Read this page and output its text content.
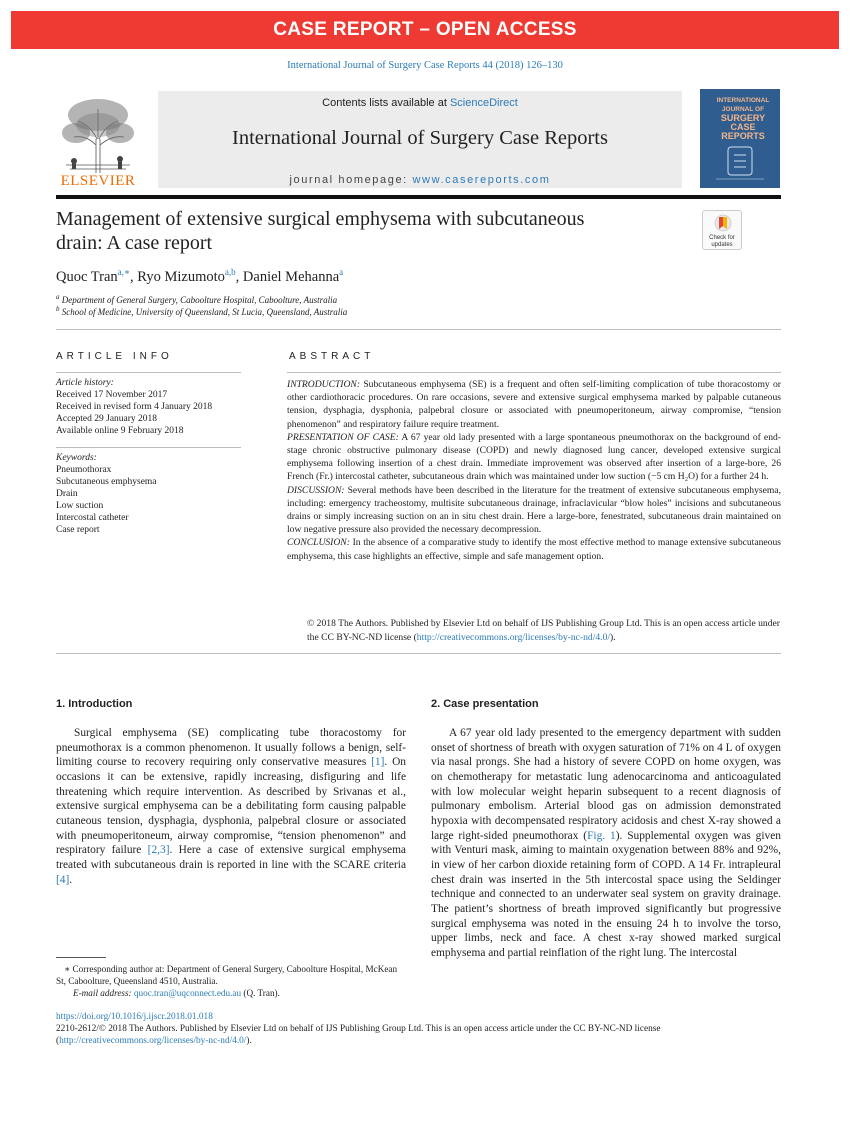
CASE REPORT – OPEN ACCESS
International Journal of Surgery Case Reports 44 (2018) 126–130
ELSEVIER
Contents lists available at ScienceDirect
International Journal of Surgery Case Reports
journal homepage: www.casereports.com
INTERNATIONAL
JOURNAL OF
SURGERY
CASE
REPORTS
Management of extensive surgical emphysema with subcutaneous
drain: A case report	Check for
updates
Quoc Tran$^{a,∗}$, Ryo Mizumoto$^{a,b}$, Daniel Mehanna$^a$
$^a$ Department of General Surgery, Caboolture Hospital, Caboolture, Australia
$^b$ School of Medicine, University of Queensland, St Lucia, Queensland, Australia
ARTICLE INFO
Article history:
Received 17 November 2017
Received in revised form 4 January 2018
Accepted 29 January 2018
Available online 9 February 2018
Keywords:
Pneumothorax
Subcutaneous emphysema
Drain
Low suction
Intercostal catheter
Case report
ABSTRACT

INTRODUCTION: Subcutaneous emphysema (SE) is a frequent and often self-limiting complication of tube thoracostomy or other cardiothoracic procedures. On rare occasions, severe and extensive surgical emphysema marked by palpable cutaneous tension, dysphagia, dysphonia, palpebral closure or associated with pneumoperitoneum, airway compromise, “tension phenomenon” and respiratory failure require treatment.

PRESENTATION OF CASE: A 67 year old lady presented with a large spontaneous pneumothorax on the background of end-stage chronic obstructive pulmonary disease (COPD) and newly diagnosed lung cancer, developed extensive surgical emphysema following insertion of a chest drain. Immediate improvement was observed after insertion of a large-bore, 26 French (Fr.) intercostal catheter, subcutaneous drain which was maintained under low suction (−5 cm H₂O) for a further 24 h.

DISCUSSION: Several methods have been described in the literature for the treatment of extensive subcutaneous emphysema, including: emergency tracheostomy, multisite subcutaneous drainage, infraclavicular “blow holes” incisions and subcutaneous drains or simply increasing suction on an in situ chest drain. Here a large-bore, fenestrated, subcutaneous drain maintained on low negative pressure also provided the necessary decompression.

CONCLUSION: In the absence of a comparative study to identify the most effective method to manage extensive subcutaneous emphysema, this case highlights an effective, simple and safe management option.

© 2018 The Authors. Published by Elsevier Ltd on behalf of IJS Publishing Group Ltd. This is an open access article under the CC BY-NC-ND license (http://creativecommons.org/licenses/by-nc-nd/4.0/).
1. Introduction
Surgical emphysema (SE) complicating tube thoracostomy for pneumothorax is a common phenomenon. It usually follows a benign, self-limiting course to recovery requiring only conservative measures [1]. On occasions it can be extensive, rapidly increasing, disfiguring and life threatening which require intervention. As described by Srivanas et al., extensive surgical emphysema can be a debilitating form causing palpable cutaneous tension, dysphagia, dysphonia, palpebral closure or associated with pneumoperitoneum, airway compromise, “tension phenomenon” and respiratory failure [2,3]. Here a case of extensive surgical emphysema treated with subcutaneous drain is reported in line with the SCARE criteria [4].
2. Case presentation
A 67 year old lady presented to the emergency department with sudden onset of shortness of breath with oxygen saturation of 71% on 4 L of oxygen via nasal prongs. She had a history of severe COPD on home oxygen, was on chemotherapy for metastatic lung adenocarcinoma and anticoagulated with low molecular weight heparin subsequent to a recent diagnosis of pulmonary embolism. Arterial blood gas on admission demonstrated hypoxia with decompensated respiratory acidosis and chest X-ray showed a large right-sided pneumothorax (Fig. 1). Supplemental oxygen was given with Venturi mask, aiming to maintain oxygenation between 88% and 92%, in view of her carbon dioxide retaining form of COPD. A 14 Fr. intrapleural chest drain was inserted in the 5th intercostal space using the Seldinger technique and connected to an underwater seal system on gravity drainage. The patient’s shortness of breath improved significantly but progressive surgical emphysema was noted in the ensuing 24 h to involve the torso, upper limbs, neck and face. A chest x-ray showed marked surgical emphysema and partial reinflation of the right lung. The intercostal
∗ Corresponding author at: Department of General Surgery, Caboolture Hospital, McKean St, Caboolture, Queensland 4510, Australia.
E-mail address: quoc.tran@uqconnect.edu.au (Q. Tran).
https://doi.org/10.1016/j.ijscr.2018.01.018
2210-2612/© 2018 The Authors. Published by Elsevier Ltd on behalf of IJS Publishing Group Ltd. This is an open access article under the CC BY-NC-ND license (http://creativecommons.org/licenses/by-nc-nd/4.0/).
